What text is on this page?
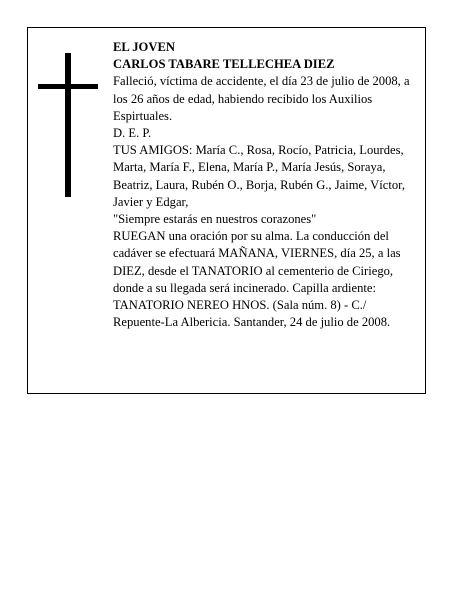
EL JOVEN

CARLOS TABARE TELLECHEA DIEZ

Falleció, víctima de accidente, el día 23 de julio de 2008, a los 26 años de edad, habiendo recibido los Auxilios Espirtuales.

D. E. P.

TUS AMIGOS: María C., Rosa, Rocío, Patricia, Lourdes, Marta, María F., Elena, María P., María Jesús, Soraya, Beatriz, Laura, Rubén O., Borja, Rubén G., Jaime, Víctor, Javier y Edgar,

"Siempre estarás en nuestros corazones"

RUEGAN una oración por su alma. La conducción del cadáver se efectuará MAÑANA, VIERNES, día 25, a las DIEZ, desde el TANATORIO al cementerio de Ciriego, donde a su llegada será incinerado. Capilla ardiente: TANATORIO NEREO HNOS. (Sala núm. 8) - C./ Repuente-La Albericia. Santander, 24 de julio de 2008.
